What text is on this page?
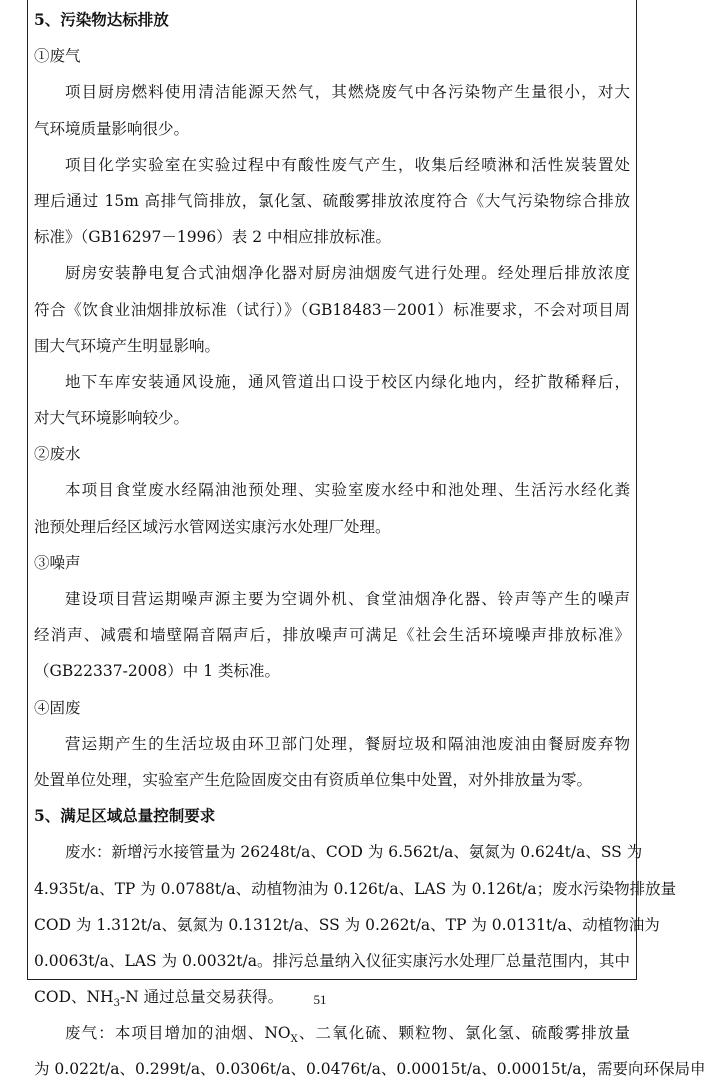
5、污染物达标排放
①废气
项目厨房燃料使用清洁能源天然气，其燃烧废气中各污染物产生量很小，对大
气环境质量影响很少。
项目化学实验室在实验过程中有酸性废气产生，收集后经喷淋和活性炭装置处
理后通过 15m 高排气筒排放，氯化氢、硫酸雾排放浓度符合《大气污染物综合排放
标准》（GB16297－1996）表 2 中相应排放标准。
厨房安装静电复合式油烟净化器对厨房油烟废气进行处理。经处理后排放浓度
符合《饮食业油烟排放标准（试行）》（GB18483－2001）标准要求，不会对项目周
围大气环境产生明显影响。
地下车库安装通风设施，通风管道出口设于校区内绿化地内，经扩散稀释后，
对大气环境影响较少。
②废水
本项目食堂废水经隔油池预处理、实验室废水经中和池处理、生活污水经化粪
池预处理后经区域污水管网送实康污水处理厂处理。
③噪声
建设项目营运期噪声源主要为空调外机、食堂油烟净化器、铃声等产生的噪声
经消声、减震和墙壁隔音隔声后，排放噪声可满足《社会生活环境噪声排放标准》
（GB22337-2008）中 1 类标准。
④固废
营运期产生的生活垃圾由环卫部门处理，餐厨垃圾和隔油池废油由餐厨废弃物
处置单位处理，实验室产生危险固废交由有资质单位集中处置，对外排放量为零。
5、满足区域总量控制要求
废水：新增污水接管量为 26248t/a、COD 为 6.562t/a、氨氮为 0.624t/a、SS 为
4.935t/a、TP 为 0.0788t/a、动植物油为 0.126t/a、LAS 为 0.126t/a；废水污染物排放量
COD 为 1.312t/a、氨氮为 0.1312t/a、SS 为 0.262t/a、TP 为 0.0131t/a、动植物油为
0.0063t/a、LAS 为 0.0032t/a。排污总量纳入仪征实康污水处理厂总量范围内，其中
COD、$NH_3-N$ 通过总量交易获得。
废气：本项目增加的油烟、$NO_X$、二氧化硫、颗粒物、氯化氢、硫酸雾排放量
为 0.022t/a、0.299t/a、0.0306t/a、0.0476t/a、0.00015t/a、0.00015t/a，需要向环保局申
51
